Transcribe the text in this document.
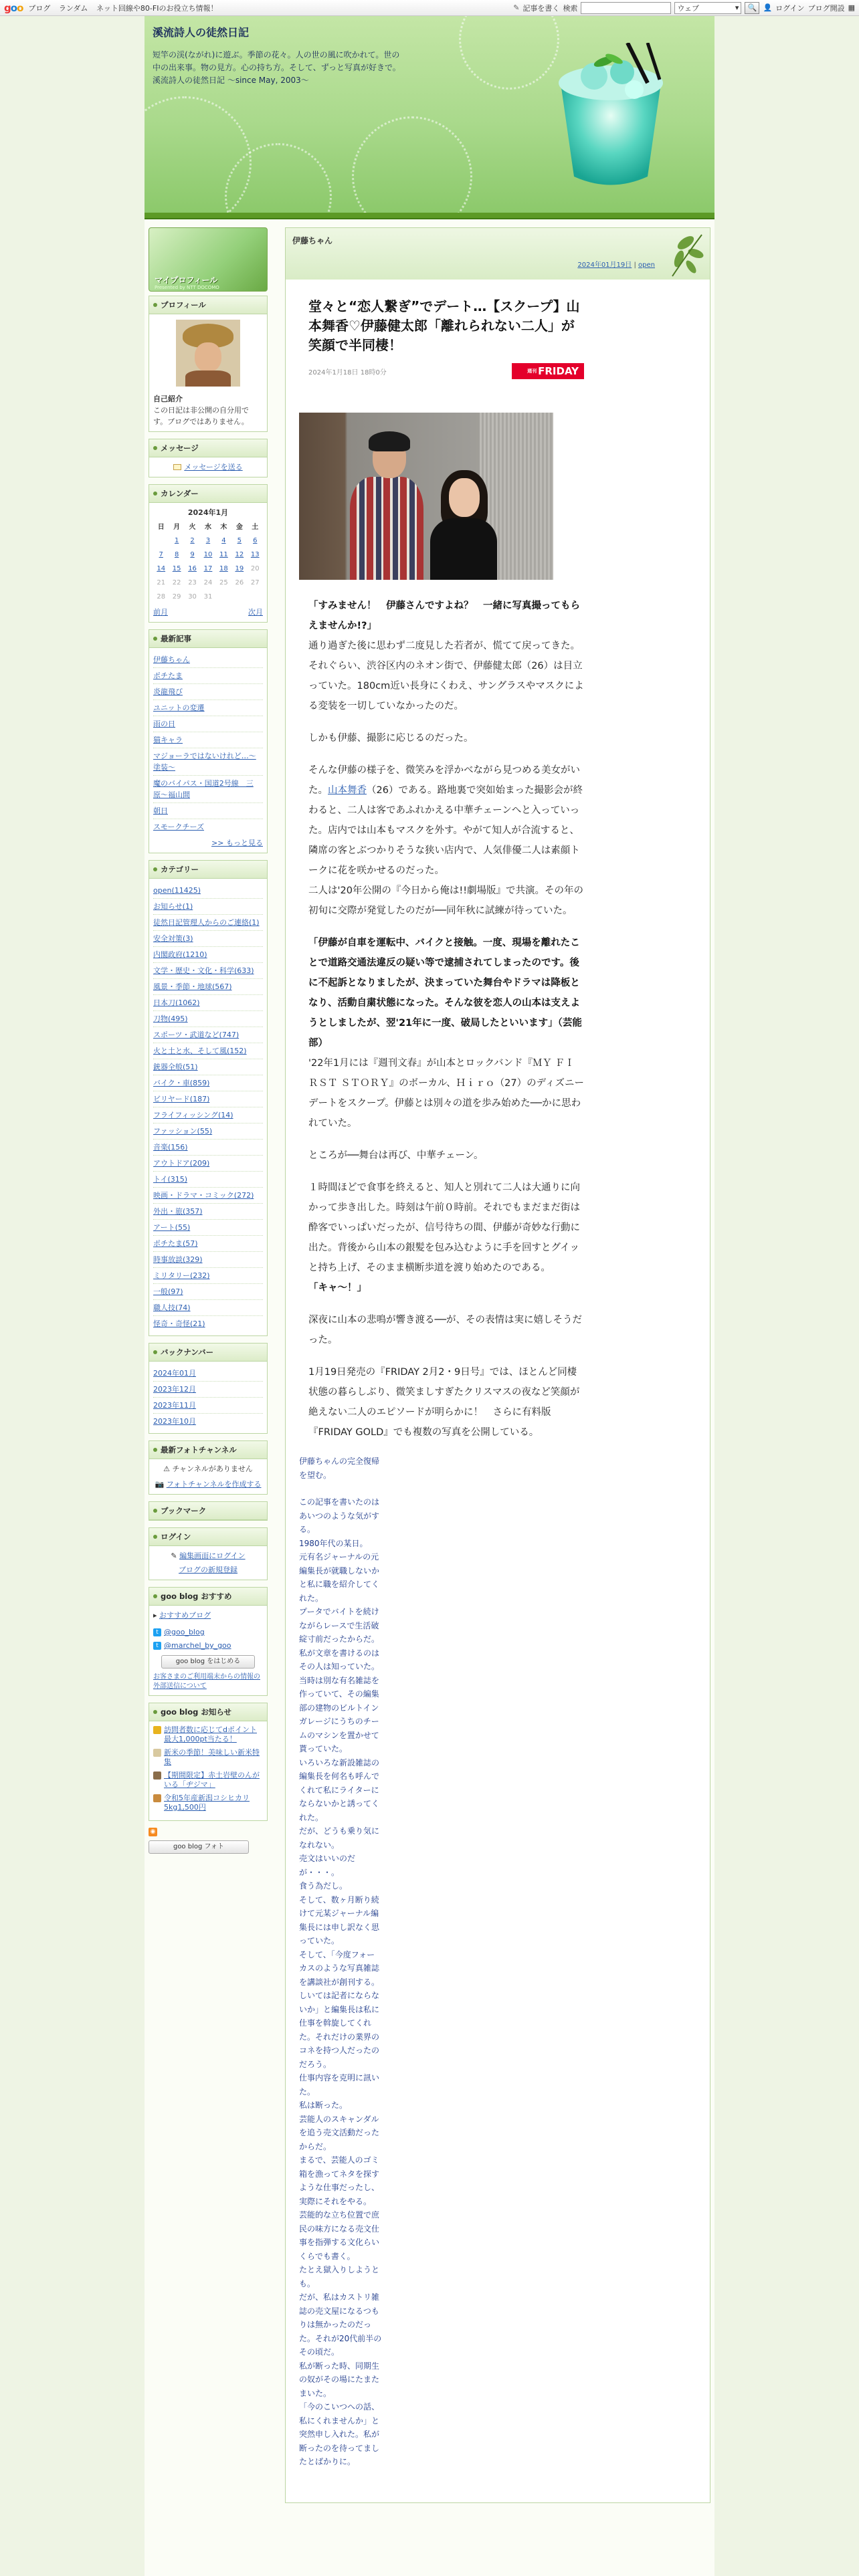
goo ブログ ランダム ネット回線や80-FIのお役立ち情報！	✎ 記事を書く 検索	ウェブ	▾	🔍 👤 ログイン ブログ開設 ▦
溪流詩人の徒然日記
短竿の渓(ながれ)に遊ぶ。季節の花々。人の世の風に吹かれて。世の中の出来事。物の見方。心の持ち方。そして、ずっと写真が好きで。 溪流詩人の徒然日記 〜since May, 2003〜
マイプロフィール
Presented by NTT DOCOMO
プロフィール
自己紹介
この日記は非公開の自分用です。ブログではありません。
メッセージ
メッセージを送る
カレンダー
2024年1月
日	月	火	水	木	金	土
	1	2	3	4	5	6
7	8	9	10	11	12	13
14	15	16	17	18	19	20
21	22	23	24	25	26	27
28	29	30	31			
前月	次月
最新記事
伊藤ちゃん
ポチたま
炎龍飛び
ユニットの変遷
雨の日
猫キャラ
マジョーラではないけれど…〜塗装〜
魔のバイパス・国道2号線　三原〜福山間
朝日
スモークチーズ
>> もっと見る
カテゴリー
open(11425)
お知らせ(1)
徒然日記管理人からのご連絡(1)
安全対策(3)
内閣政府(1210)
文学・歴史・文化・科学(633)
風景・季節・地球(567)
日本刀(1062)
刀物(495)
スポーツ・武道など(747)
火と土と水、そして風(152)
銃器全般(51)
バイク・車(859)
ビリヤード(187)
フライフィッシング(14)
ファッション(55)
音楽(156)
アウトドア(209)
トイ(315)
映画・ドラマ・コミック(272)
外出・旅(357)
アート(55)
ポチたま(57)
時事放談(329)
ミリタリー(232)
一般(97)
職人技(74)
怪奇・奇怪(21)
バックナンバー
2024年01月
2023年12月
2023年11月
2023年10月
最新フォトチャンネル
⚠ チャンネルがありません
📷 フォトチャンネルを作成する
ブックマーク
ログイン
✎ 編集画面にログイン
ブログの新規登録
goo blog おすすめ
▸ おすすめブログ
t @goo_blog
t @marchel_by_goo
goo blog をはじめる
お客さまのご利用端末からの情報の外部送信について
goo blog お知らせ
訪問者数に応じてdポイント最大1,000pt当たる！
新米の季節！美味しい新米特集
【期間限定】赤土岩壁のんがいる「ヂジマ」
令和5年産新潟コシヒカリ5kg1,500円
◉
goo blog フォト
伊藤ちゃん
2024年01月19日 | open
堂々と“恋人繋ぎ”でデート…【スクープ】山本舞香♡伊藤健太郎「離れられない二人」が笑顔で半同棲！
2024年1月18日 18時0分	週刊 FRIDAY

「すみません！　伊藤さんですよね？　一緒に写真撮ってもらえませんか!?」
通り過ぎた後に思わず二度見した若者が、慌てて戻ってきた。それぐらい、渋谷区内のネオン街で、伊藤健太郎（26）は目立っていた。180cm近い長身にくわえ、サングラスやマスクによる変装を一切していなかったのだ。

しかも伊藤、撮影に応じるのだった。

そんな伊藤の様子を、微笑みを浮かべながら見つめる美女がいた。山本舞香（26）である。路地裏で突如始まった撮影会が終わると、二人は客であふれかえる中華チェーンへと入っていった。店内では山本もマスクを外す。やがて知人が合流すると、隣席の客とぶつかりそうな狭い店内で、人気俳優二人は素顔トークに花を咲かせるのだった。

二人は'20年公開の『今日から俺は!!劇場版』で共演。その年の初旬に交際が発覚したのだが──同年秋に試練が待っていた。

「伊藤が自車を運転中、バイクと接触。一度、現場を離れたことで道路交通法違反の疑い等で逮捕されてしまったのです。後に不起訴となりましたが、決まっていた舞台やドラマは降板となり、活動自粛状態になった。そんな彼を恋人の山本は支えようとしましたが、翌'21年に一度、破局したといいます」（芸能部）
'22年1月には『週刊文春』が山本とロックバンド『ＭＹ ＦＩＲＳＴ ＳＴＯＲＹ』のボーカル、Ｈｉｒｏ（27）のディズニーデートをスクープ。伊藤とは別々の道を歩み始めた──かに思われていた。

ところが──舞台は再び、中華チェーン。

１時間ほどで食事を終えると、知人と別れて二人は大通りに向かって歩き出した。時刻は午前０時前。それでもまだまだ街は酔客でいっぱいだったが、信号待ちの間、伊藤が奇妙な行動に出た。背後から山本の銀髪を包み込むように手を回すとグイッと持ち上げ、そのまま横断歩道を渡り始めたのである。
「キャ〜！」

深夜に山本の悲鳴が響き渡る──が、その表情は実に嬉しそうだった。

1月19日発売の『FRIDAY 2月2・9日号』では、ほとんど同棲状態の暮らしぶり、微笑ましすぎたクリスマスの夜など笑顔が絶えない二人のエピソードが明らかに！　さらに有料版『FRIDAY GOLD』でも複数の写真を公開している。

伊藤ちゃんの完全復帰を望む。

この記事を書いたのはあいつのような気がする。
1980年代の某日。
元有名ジャーナルの元編集長が就職しないかと私に職を紹介してくれた。
プータでバイトを続けながらレースで生活破綻寸前だったからだ。
私が文章を書けるのはその人は知っていた。当時は別な有名雑誌を作っていて、その編集部の建物のビルトインガレージにうちのチームのマシンを置かせて貰っていた。
いろいろな新設雑誌の編集長を何名も呼んでくれて私にライターにならないかと誘ってくれた。
だが、どうも乗り気になれない。
売文はいいのだが・・・。
食う為だし。
そして、数ヶ月断り続けて元某ジャーナル編集長には申し訳なく思っていた。
そして、「今度フォーカスのような写真雑誌を講談社が創刊する。しいては記者にならないか」と編集長は私に仕事を斡旋してくれた。それだけの業界のコネを持つ人だったのだろう。
仕事内容を克明に訊いた。
私は断った。
芸能人のスキャンダルを追う売文活動だったからだ。
まるで、芸能人のゴミ箱を漁ってネタを探すような仕事だったし、実際にそれをやる。
芸能的な立ち位置で庶民の味方になる売文仕事を指弾する文化らいくらでも書く。
たとえ獄入りしようとも。
だが、私はカストリ雑誌の売文屋になるつもりは無かったのだった。それが20代前半のその頃だ。
私が断った時、同期生の奴がその場にたまたまいた。
「今のこいつへの話、私にくれませんか」と突然申し入れた。私が断ったのを待ってましたとばかりに。
